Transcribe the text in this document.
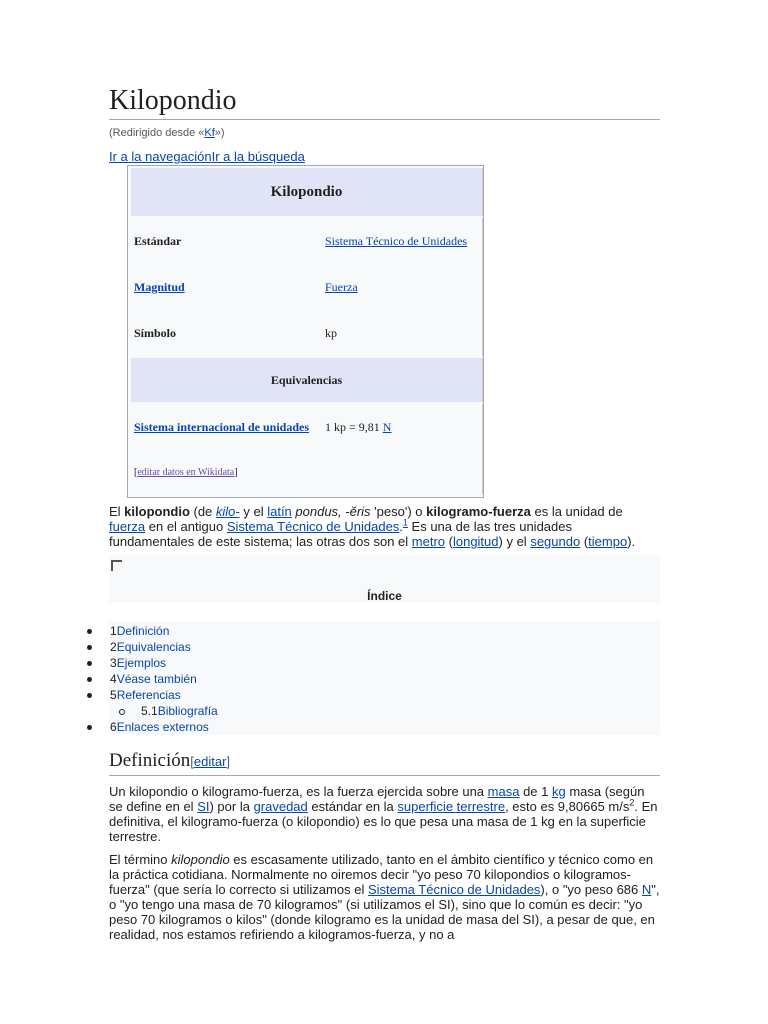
Kilopondio
(Redirigido desde «Kf»)
Ir a la navegaciónIr a la búsqueda
Kilopondio
Estándar	Sistema Técnico de Unidades
Magnitud	Fuerza
Símbolo	kp
Equivalencias
Sistema internacional de unidades	1 kp = 9,81 N
[ editar datos en Wikidata ]

El kilopondio (de kilo- y el latín pondus, -ĕris 'peso') o kilogramo-fuerza es la unidad de fuerza en el antiguo Sistema Técnico de Unidades.$^1$ Es una de las tres unidades fundamentales de este sistema; las otras dos son el metro (longitud) y el segundo (tiempo).

Índice
1Definición
2Equivalencias
3Ejemplos
4Véase también
5Referencias
5.1Bibliografía
6Enlaces externos
Definición[editar]

Un kilopondio o kilogramo-fuerza, es la fuerza ejercida sobre una masa de 1 kg masa (según se define en el SI) por la gravedad estándar en la superficie terrestre, esto es 9,80665 $m/s^2$. En definitiva, el kilogramo-fuerza (o kilopondio) es lo que pesa una masa de 1 kg en la superficie terrestre.

El término kilopondio es escasamente utilizado, tanto en el ámbito científico y técnico como en la práctica cotidiana. Normalmente no oiremos decir "yo peso 70 kilopondios o kilogramos-fuerza" (que sería lo correcto si utilizamos el Sistema Técnico de Unidades), o "yo peso 686 N", o "yo tengo una masa de 70 kilogramos" (si utilizamos el SI), sino que lo común es decir: "yo peso 70 kilogramos o kilos" (donde kilogramo es la unidad de masa del SI), a pesar de que, en realidad, nos estamos refiriendo a kilogramos-fuerza, y no a
